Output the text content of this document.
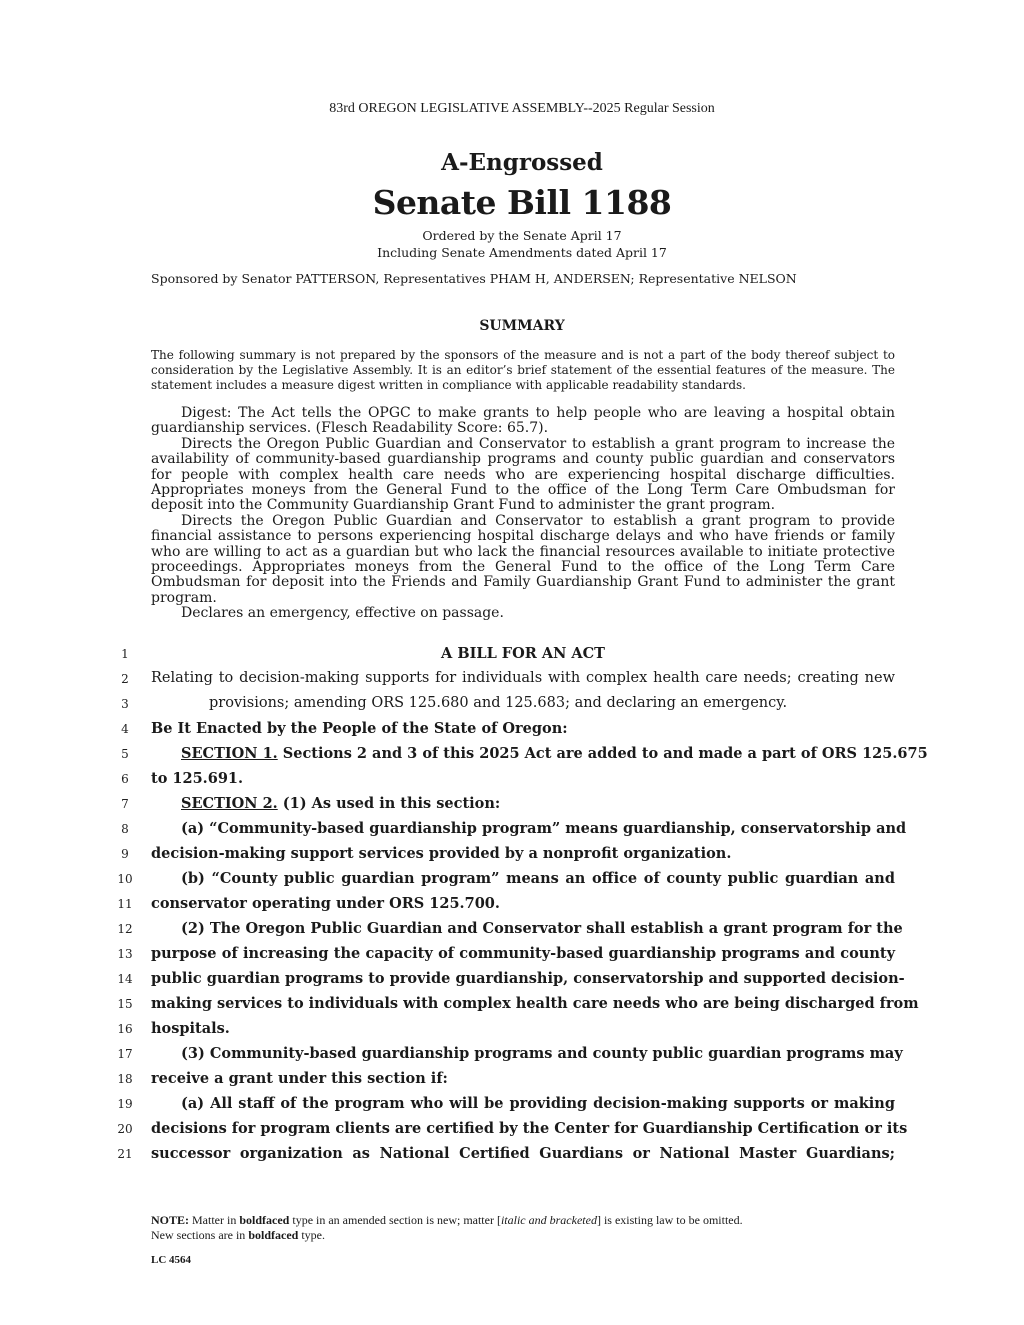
83rd OREGON LEGISLATIVE ASSEMBLY--2025 Regular Session
A-Engrossed
Senate Bill 1188
Ordered by the Senate April 17
Including Senate Amendments dated April 17
Sponsored by Senator PATTERSON, Representatives PHAM H, ANDERSEN; Representative NELSON
SUMMARY
The following summary is not prepared by the sponsors of the measure and is not a part of the body thereof subject to consideration by the Legislative Assembly. It is an editor’s brief statement of the essential features of the measure. The statement includes a measure digest written in compliance with applicable readability standards.

Digest: The Act tells the OPGC to make grants to help people who are leaving a hospital obtain guardianship services. (Flesch Readability Score: 65.7).

Directs the Oregon Public Guardian and Conservator to establish a grant program to increase the availability of community-based guardianship programs and county public guardian and conservators for people with complex health care needs who are experiencing hospital discharge difficulties. Appropriates moneys from the General Fund to the office of the Long Term Care Ombudsman for deposit into the Community Guardianship Grant Fund to administer the grant program.

Directs the Oregon Public Guardian and Conservator to establish a grant program to provide financial assistance to persons experiencing hospital discharge delays and who have friends or family who are willing to act as a guardian but who lack the financial resources available to initiate protective proceedings. Appropriates moneys from the General Fund to the office of the Long Term Care Ombudsman for deposit into the Friends and Family Guardianship Grant Fund to administer the grant program.

Declares an emergency, effective on passage.

1
2
3
4
5
6
7
8
9
10
11
12
13
14
15
16
17
18
19
20
21
A BILL FOR AN ACT
Relating to decision-making supports for individuals with complex health care needs; creating new
provisions; amending ORS 125.680 and 125.683; and declaring an emergency.
Be It Enacted by the People of the State of Oregon:
SECTION 1. Sections 2 and 3 of this 2025 Act are added to and made a part of ORS 125.675
to 125.691.
SECTION 2. (1) As used in this section:
(a) “Community-based guardianship program” means guardianship, conservatorship and
decision-making support services provided by a nonprofit organization.
(b) “County public guardian program” means an office of county public guardian and
conservator operating under ORS 125.700.
(2) The Oregon Public Guardian and Conservator shall establish a grant program for the
purpose of increasing the capacity of community-based guardianship programs and county
public guardian programs to provide guardianship, conservatorship and supported decision-
making services to individuals with complex health care needs who are being discharged from
hospitals.
(3) Community-based guardianship programs and county public guardian programs may
receive a grant under this section if:
(a) All staff of the program who will be providing decision-making supports or making
decisions for program clients are certified by the Center for Guardianship Certification or its
successor organization as National Certified Guardians or National Master Guardians;
NOTE: Matter in boldfaced type in an amended section is new; matter [italic and bracketed] is existing law to be omitted.
New sections are in boldfaced type.
LC 4564
